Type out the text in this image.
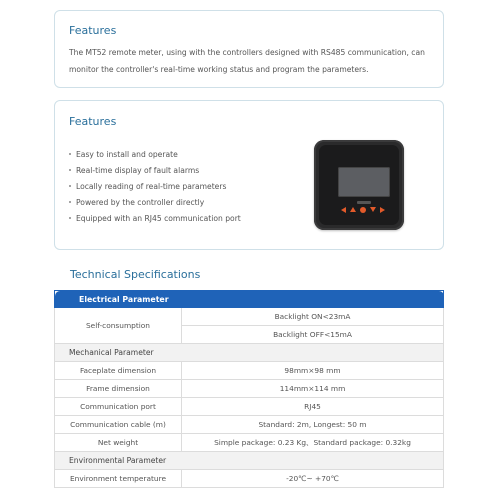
Features
The MT52 remote meter, using with the controllers designed with RS485 communication, can monitor the controller's real-time working status and program the parameters.
Features
Easy to install and operate
Real-time display of fault alarms
Locally reading of real-time parameters
Powered by the controller directly
Equipped with an RJ45 communication port
Technical Specifications
Electrical Parameter	
Self-consumption	Backlight ON<23mA
	Backlight OFF<15mA
Mechanical Parameter	
Faceplate dimension	98mm×98 mm
Frame dimension	114mm×114 mm
Communication port	RJ45
Communication cable (m)	Standard: 2m, Longest: 50 m
Net weight	Simple package: 0.23 Kg、Standard package: 0.32kg
Environmental Parameter	
Environment temperature	-20℃~ +70℃
